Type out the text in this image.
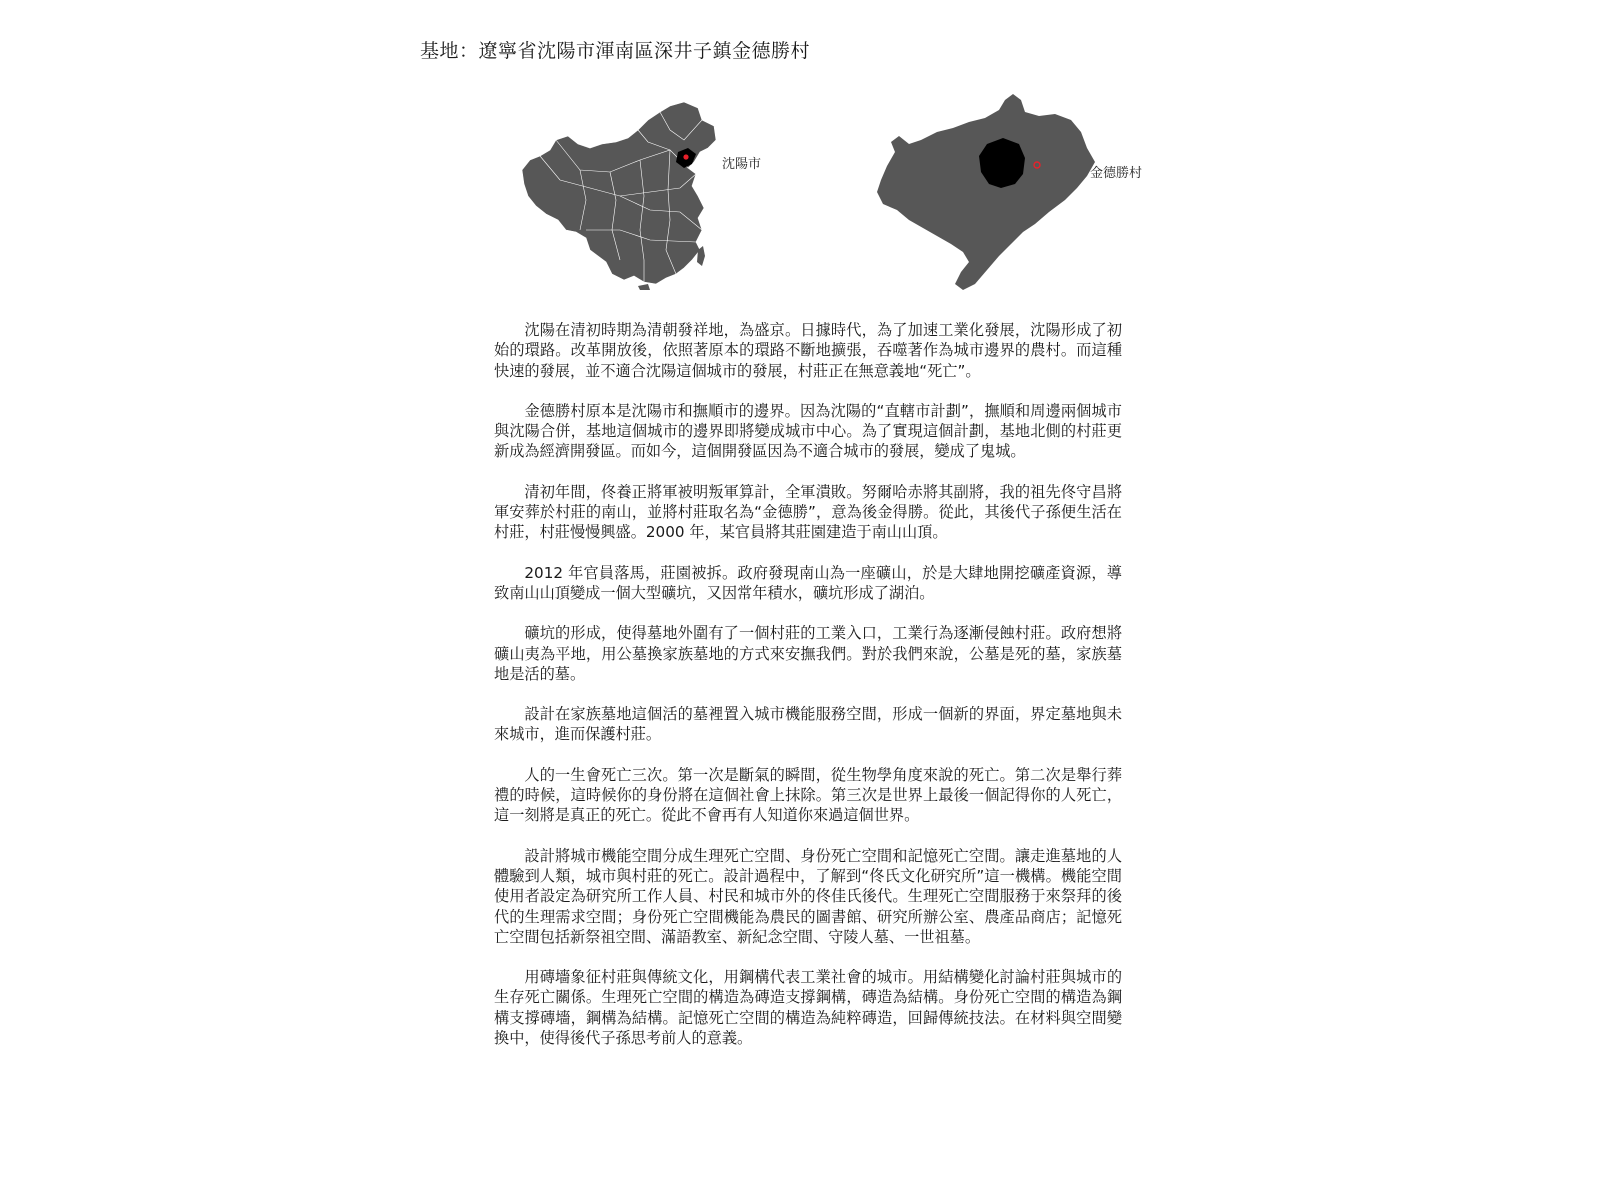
基地：遼寧省沈陽市渾南區深井子鎮金德勝村
沈陽市
金德勝村

沈陽在清初時期為清朝發祥地，為盛京。日據時代，為了加速工業化發展，沈陽形成了初始的環路。改革開放後，依照著原本的環路不斷地擴張，吞噬著作為城市邊界的農村。而這種快速的發展，並不適合沈陽這個城市的發展，村莊正在無意義地“死亡”。

金德勝村原本是沈陽市和撫順市的邊界。因為沈陽的“直轄市計劃”，撫順和周邊兩個城市與沈陽合併，基地這個城市的邊界即將變成城市中心。為了實現這個計劃，基地北側的村莊更新成為經濟開發區。而如今，這個開發區因為不適合城市的發展，變成了鬼城。

清初年間，佟養正將軍被明叛軍算計，全軍潰敗。努爾哈赤將其副將，我的祖先佟守昌將軍安葬於村莊的南山，並將村莊取名為“金德勝”，意為後金得勝。從此，其後代子孫便生活在村莊，村莊慢慢興盛。2000 年，某官員將其莊園建造于南山山頂。

2012 年官員落馬，莊園被拆。政府發現南山為一座礦山，於是大肆地開挖礦產資源，導致南山山頂變成一個大型礦坑，又因常年積水，礦坑形成了湖泊。

礦坑的形成，使得墓地外圍有了一個村莊的工業入口，工業行為逐漸侵蝕村莊。政府想將礦山夷為平地，用公墓換家族墓地的方式來安撫我們。對於我們來說，公墓是死的墓，家族墓地是活的墓。

設計在家族墓地這個活的墓裡置入城市機能服務空間，形成一個新的界面，界定墓地與未來城市，進而保護村莊。

人的一生會死亡三次。第一次是斷氣的瞬間，從生物學角度來說的死亡。第二次是舉行葬禮的時候，這時候你的身份將在這個社會上抹除。第三次是世界上最後一個記得你的人死亡，這一刻將是真正的死亡。從此不會再有人知道你來過這個世界。

設計將城市機能空間分成生理死亡空間、身份死亡空間和記憶死亡空間。讓走進墓地的人體驗到人類，城市與村莊的死亡。設計過程中，了解到“佟氏文化研究所”這一機構。機能空間使用者設定為研究所工作人員、村民和城市外的佟佳氏後代。生理死亡空間服務于來祭拜的後代的生理需求空間；身份死亡空間機能為農民的圖書館、研究所辦公室、農產品商店；記憶死亡空間包括新祭祖空間、滿語教室、新紀念空間、守陵人墓、一世祖墓。

用磚墻象征村莊與傳統文化，用鋼構代表工業社會的城市。用結構變化討論村莊與城市的生存死亡關係。生理死亡空間的構造為磚造支撐鋼構，磚造為結構。身份死亡空間的構造為鋼構支撐磚墻，鋼構為結構。記憶死亡空間的構造為純粹磚造，回歸傳統技法。在材料與空間變換中，使得後代子孫思考前人的意義。
